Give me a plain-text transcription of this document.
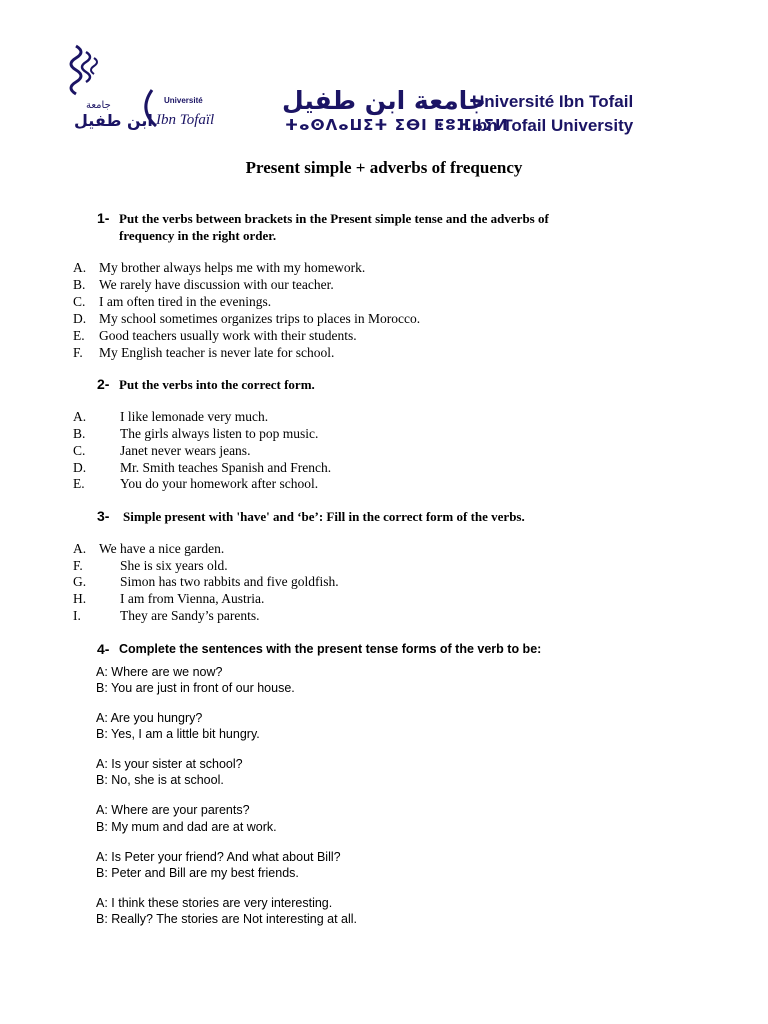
جامعة
ابن طفيل
Université
Ibn Tofaïl
جامعة ابن طفيل
ⵜⴰⵙⴷⴰⵡⵉⵜ ⵉⴱⵏ ⵟⵓⴼⴰⵢⵍ
Université Ibn Tofail
Ibn Tofail University
Present simple + adverbs of frequency
1- Put the verbs between brackets in the Present simple tense and the adverbs of
frequency in the right order.
A. My brother always helps me with my homework.
B. We rarely have discussion with our teacher.
C. I am often tired in the evenings.
D. My school sometimes organizes trips to places in Morocco.
E. Good teachers usually work with their students.
F. My English teacher is never late for school.
2- Put the verbs into the correct form.
A.	I like lemonade very much.
B.	The girls always listen to pop music.
C.	Janet never wears jeans.
D.	Mr. Smith teaches Spanish and French.
E.	You do your homework after school.
3- Simple present with 'have' and ‘be’: Fill in the correct form of the verbs.
A. We have a nice garden.
F.	She is six years old.
G.	Simon has two rabbits and five goldfish.
H.	I am from Vienna, Austria.
I.	They are Sandy’s parents.
4- Complete the sentences with the present tense forms of the verb to be:
A: Where are we now?
B: You are just in front of our house.
A: Are you hungry?
B: Yes, I am a little bit hungry.
A: Is your sister at school?
B: No, she is at school.
A: Where are your parents?
B: My mum and dad are at work.
A: Is Peter your friend? And what about Bill?
B: Peter and Bill are my best friends.
A: I think these stories are very interesting.
B: Really? The stories are Not interesting at all.
